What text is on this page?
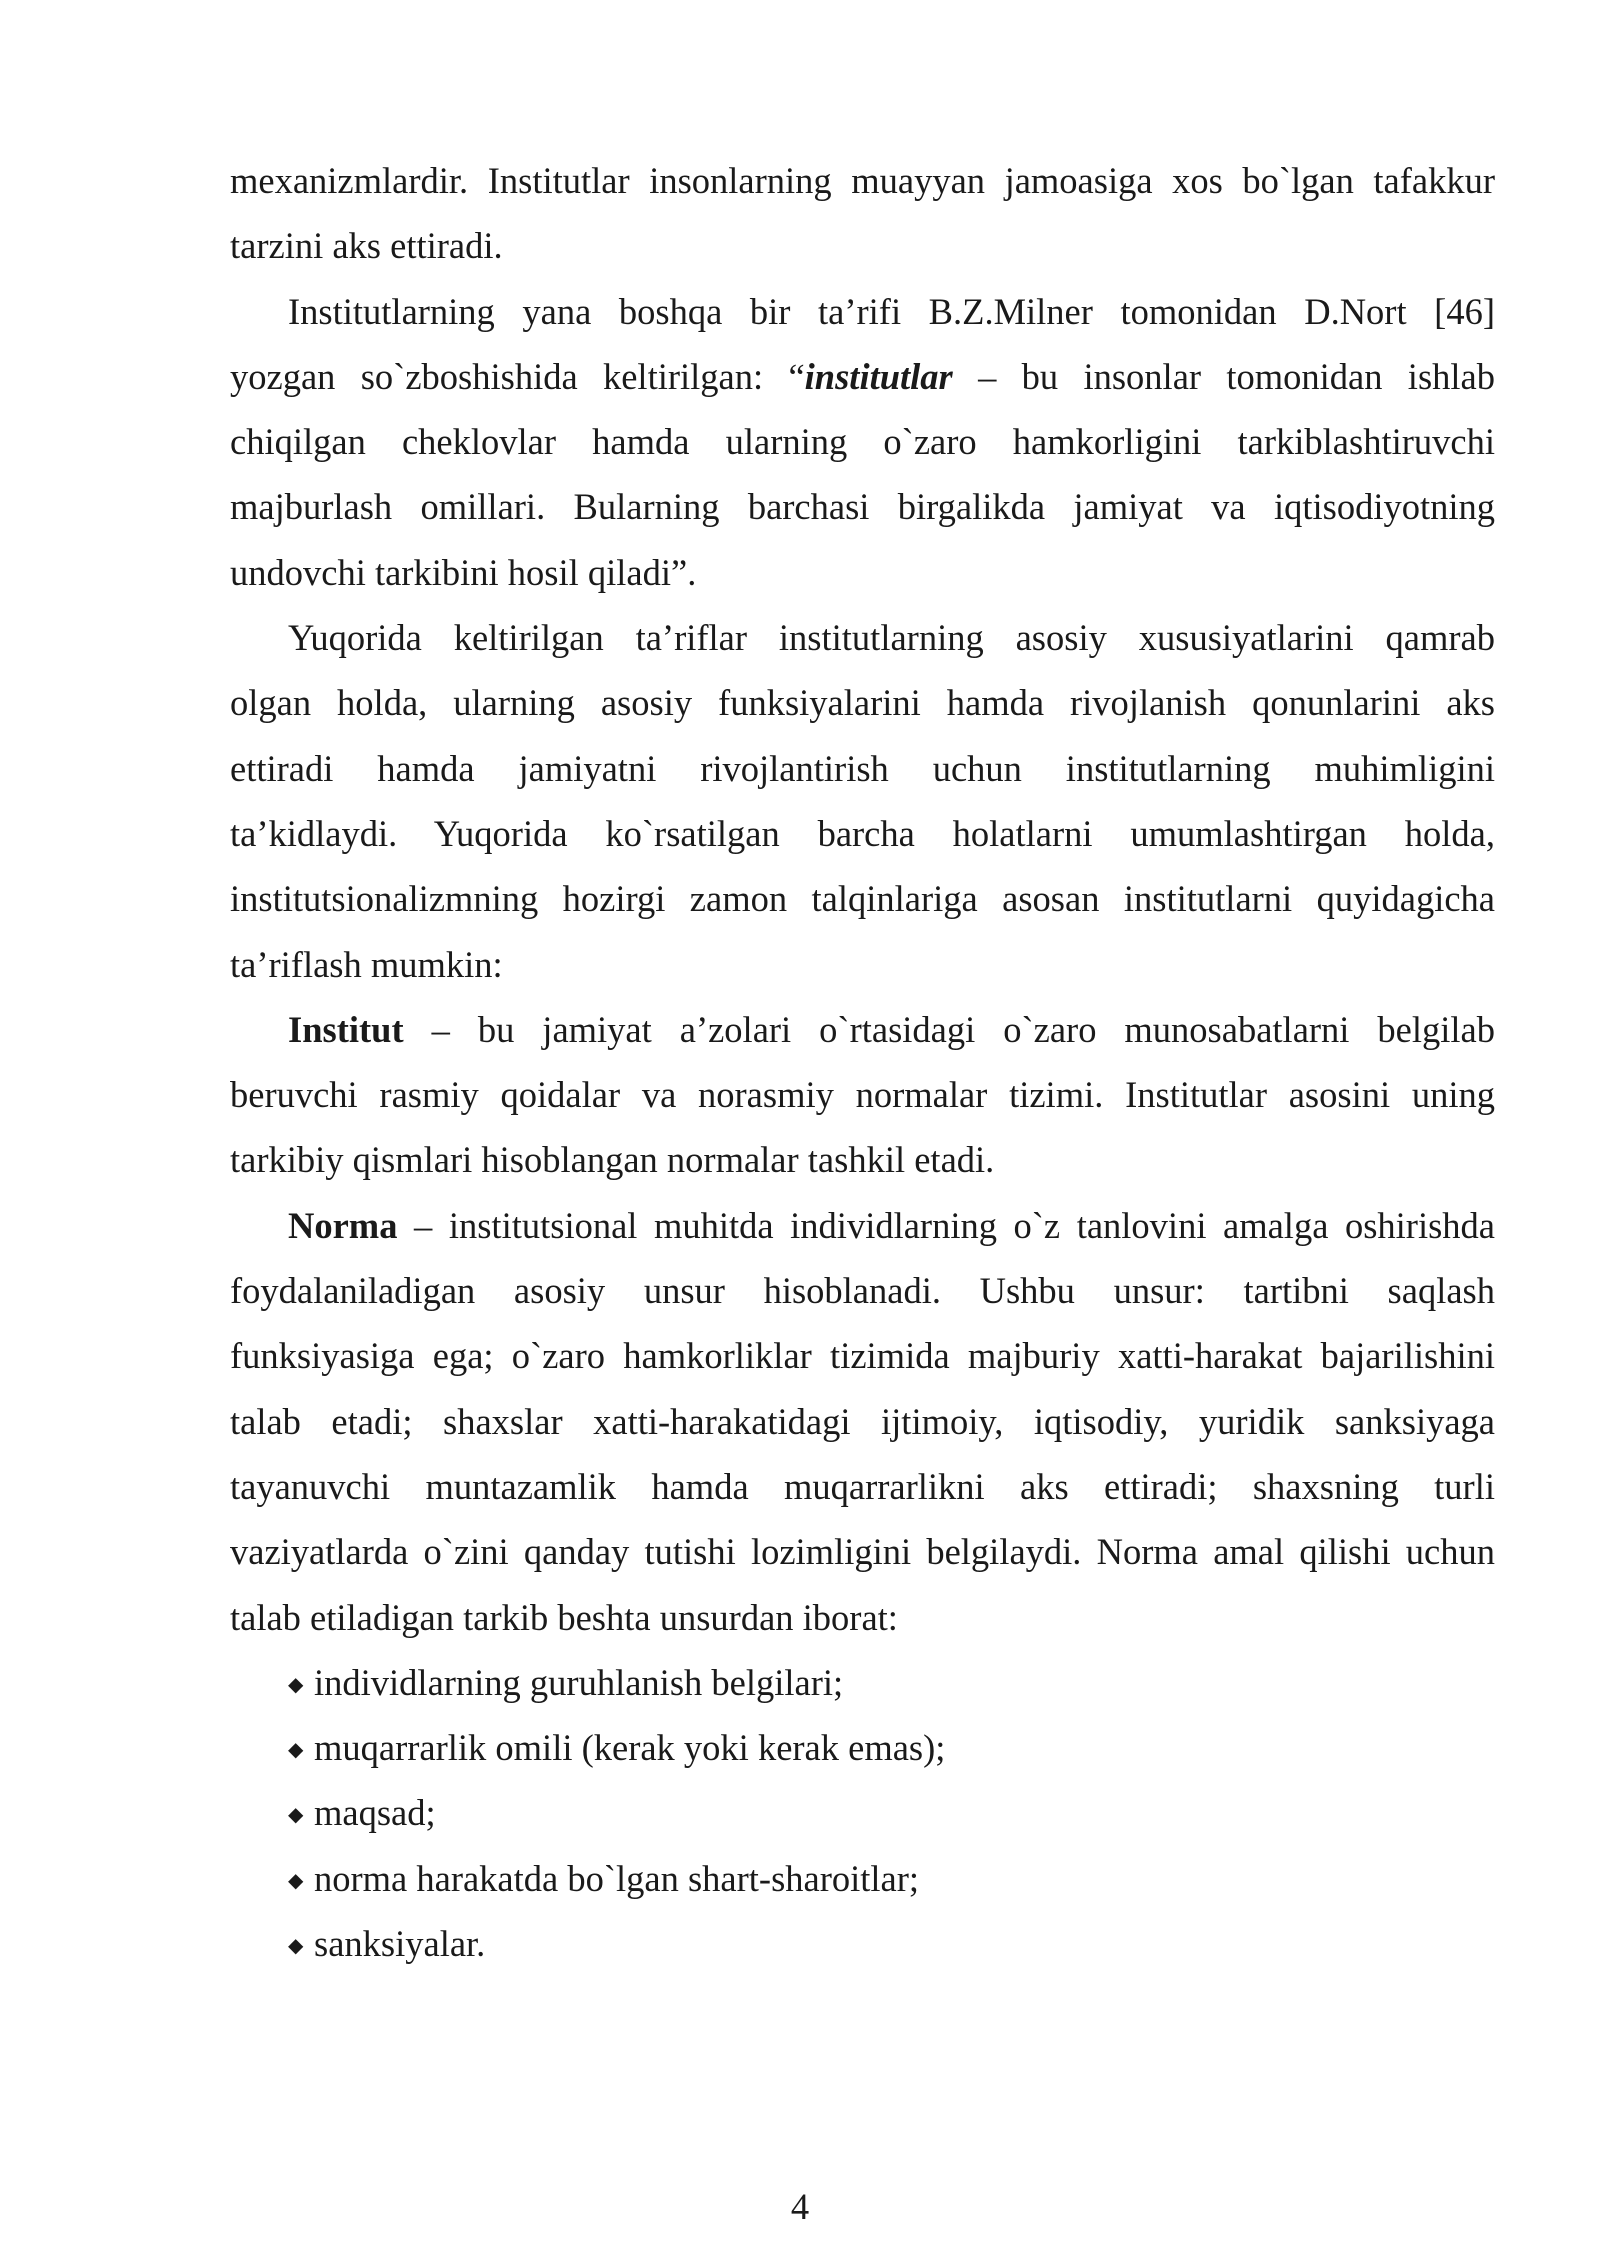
mexanizmlardir. Institutlar insonlarning muayyan jamoasiga xos bo`lgan tafakkur
tarzini aks ettiradi.
Institutlarning yana boshqa bir ta’rifi B.Z.Milner tomonidan D.Nort [46]
yozgan so`zboshishida keltirilgan: “institutlar – bu insonlar tomonidan ishlab
chiqilgan cheklovlar hamda ularning o`zaro hamkorligini tarkiblashtiruvchi
majburlash omillari. Bularning barchasi birgalikda jamiyat va iqtisodiyotning
undovchi tarkibini hosil qiladi”.
Yuqorida keltirilgan ta’riflar institutlarning asosiy xususiyatlarini qamrab
olgan holda, ularning asosiy funksiyalarini hamda rivojlanish qonunlarini aks
ettiradi hamda jamiyatni rivojlantirish uchun institutlarning muhimligini
ta’kidlaydi. Yuqorida ko`rsatilgan barcha holatlarni umumlashtirgan holda,
institutsionalizmning hozirgi zamon talqinlariga asosan institutlarni quyidagicha
ta’riflash mumkin:
Institut – bu jamiyat a’zolari o`rtasidagi o`zaro munosabatlarni belgilab
beruvchi rasmiy qoidalar va norasmiy normalar tizimi. Institutlar asosini uning
tarkibiy qismlari hisoblangan normalar tashkil etadi.
Norma – institutsional muhitda individlarning o`z tanlovini amalga oshirishda
foydalaniladigan asosiy unsur hisoblanadi. Ushbu unsur: tartibni saqlash
funksiyasiga ega; o`zaro hamkorliklar tizimida majburiy xatti-harakat bajarilishini
talab etadi; shaxslar xatti-harakatidagi ijtimoiy, iqtisodiy, yuridik sanksiyaga
tayanuvchi muntazamlik hamda muqarrarlikni aks ettiradi; shaxsning turli
vaziyatlarda o`zini qanday tutishi lozimligini belgilaydi. Norma amal qilishi uchun
talab etiladigan tarkib beshta unsurdan iborat:
◆ individlarning guruhlanish belgilari;
◆ muqarrarlik omili (kerak yoki kerak emas);
◆ maqsad;
◆ norma harakatda bo`lgan shart-sharoitlar;
◆ sanksiyalar.
4
